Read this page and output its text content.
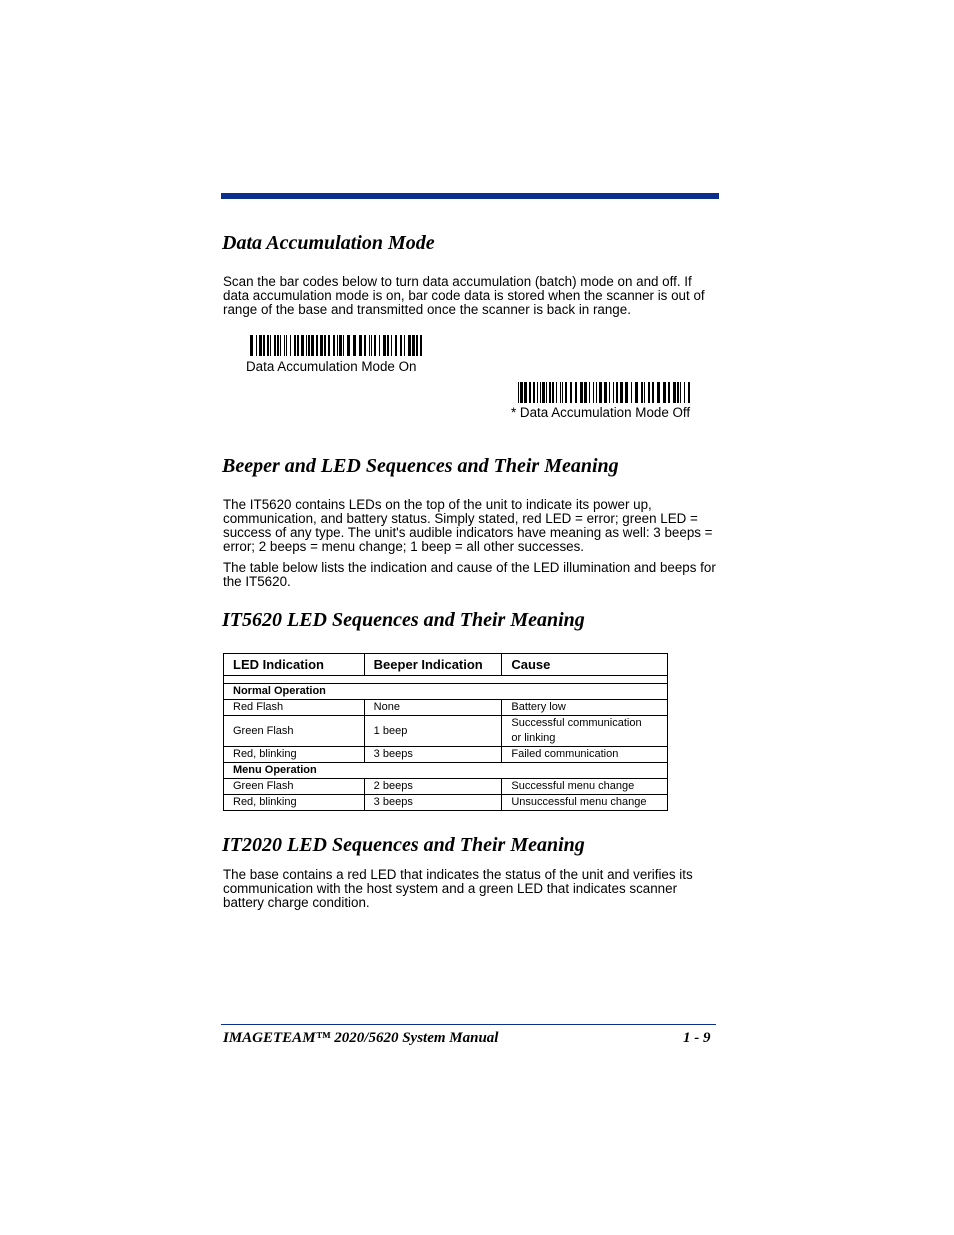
Data Accumulation Mode

Scan the bar codes below to turn data accumulation (batch) mode on and off. If data accumulation mode is on, bar code data is stored when the scanner is out of range of the base and transmitted once the scanner is back in range.

Data Accumulation Mode On

* Data Accumulation Mode Off

Beeper and LED Sequences and Their Meaning

The IT5620 contains LEDs on the top of the unit to indicate its power up, communication, and battery status. Simply stated, red LED = error; green LED = success of any type. The unit's audible indicators have meaning as well: 3 beeps = error; 2 beeps = menu change; 1 beep = all other successes.

The table below lists the indication and cause of the LED illumination and beeps for the IT5620.

IT5620 LED Sequences and Their Meaning
LED Indication	Beeper Indication	Cause

Normal Operation		
Red Flash	None	Battery low
Green Flash	1 beep	Successful communication or linking
Red, blinking	3 beeps	Failed communication
Menu Operation		
Green Flash	2 beeps	Successful menu change
Red, blinking	3 beeps	Unsuccessful menu change
IT2020 LED Sequences and Their Meaning

The base contains a red LED that indicates the status of the unit and verifies its communication with the host system and a green LED that indicates scanner battery charge condition.

IMAGETEAM™ 2020/5620 System Manual	1 - 9
